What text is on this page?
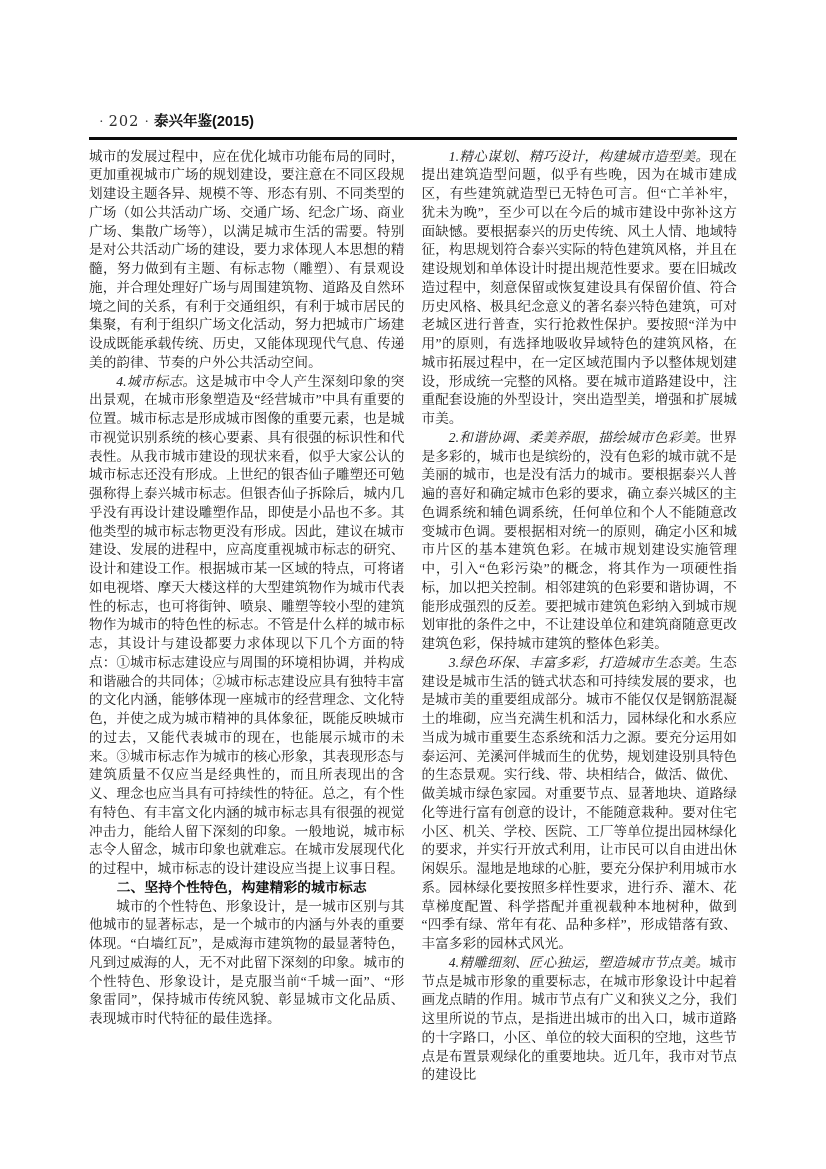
· 202 · 泰兴年鉴(2015)

城市的发展过程中，应在优化城市功能布局的同时，更加重视城市广场的规划建设，要注意在不同区段规划建设主题各异、规模不等、形态有别、不同类型的广场（如公共活动广场、交通广场、纪念广场、商业广场、集散广场等），以满足城市生活的需要。特别是对公共活动广场的建设，要力求体现人本思想的精髓，努力做到有主题、有标志物（雕塑）、有景观设施，并合理处理好广场与周围建筑物、道路及自然环境之间的关系，有利于交通组织，有利于城市居民的集聚，有利于组织广场文化活动，努力把城市广场建设成既能承载传统、历史，又能体现现代气息、传递美的韵律、节奏的户外公共活动空间。

4.城市标志。这是城市中令人产生深刻印象的突出景观，在城市形象塑造及“经营城市”中具有重要的位置。城市标志是形成城市图像的重要元素，也是城市视觉识别系统的核心要素、具有很强的标识性和代表性。从我市城市建设的现状来看，似乎大家公认的城市标志还没有形成。上世纪的银杏仙子雕塑还可勉强称得上泰兴城市标志。但银杏仙子拆除后，城内几乎没有再设计建设雕塑作品，即使是小品也不多。其他类型的城市标志物更没有形成。因此，建议在城市建设、发展的进程中，应高度重视城市标志的研究、设计和建设工作。根据城市某一区域的特点，可将诸如电视塔、摩天大楼这样的大型建筑物作为城市代表性的标志，也可将街钟、喷泉、雕塑等较小型的建筑物作为城市的特色性的标志。不管是什么样的城市标志，其设计与建设都要力求体现以下几个方面的特点：①城市标志建设应与周围的环境相协调，并构成和谐融合的共同体；②城市标志建设应具有独特丰富的文化内涵，能够体现一座城市的经营理念、文化特色，并使之成为城市精神的具体象征，既能反映城市的过去，又能代表城市的现在，也能展示城市的未来。③城市标志作为城市的核心形象，其表现形态与建筑质量不仅应当是经典性的，而且所表现出的含义、理念也应当具有可持续性的特征。总之，有个性有特色、有丰富文化内涵的城市标志具有很强的视觉冲击力，能给人留下深刻的印象。一般地说，城市标志令人留念，城市印象也就难忘。在城市发展现代化的过程中，城市标志的设计建设应当提上议事日程。

二、坚持个性特色，构建精彩的城市标志

城市的个性特色、形象设计，是一城市区别与其他城市的显著标志，是一个城市的内涵与外表的重要体现。“白墙红瓦”，是威海市建筑物的最显著特色，凡到过威海的人，无不对此留下深刻的印象。城市的个性特色、形象设计，是克服当前“千城一面”、“形象雷同”，保持城市传统风貌、彰显城市文化品质、表现城市时代特征的最佳选择。

1.精心谋划、精巧设计，构建城市造型美。现在提出建筑造型问题，似乎有些晚，因为在城市建成区，有些建筑就造型已无特色可言。但“亡羊补牢，犹未为晚”，至少可以在今后的城市建设中弥补这方面缺憾。要根据泰兴的历史传统、风土人情、地域特征，构思规划符合泰兴实际的特色建筑风格，并且在建设规划和单体设计时提出规范性要求。要在旧城改造过程中，刻意保留或恢复建设具有保留价值、符合历史风格、极具纪念意义的著名泰兴特色建筑，可对老城区进行普查，实行抢救性保护。要按照“洋为中用”的原则，有选择地吸收异域特色的建筑风格，在城市拓展过程中，在一定区域范围内予以整体规划建设，形成统一完整的风格。要在城市道路建设中，注重配套设施的外型设计，突出造型美，增强和扩展城市美。

2.和谐协调、柔美养眼，描绘城市色彩美。世界是多彩的，城市也是缤纷的，没有色彩的城市就不是美丽的城市，也是没有活力的城市。要根据泰兴人普遍的喜好和确定城市色彩的要求，确立泰兴城区的主色调系统和辅色调系统，任何单位和个人不能随意改变城市色调。要根据相对统一的原则，确定小区和城市片区的基本建筑色彩。在城市规划建设实施管理中，引入“色彩污染”的概念，将其作为一项硬性指标，加以把关控制。相邻建筑的色彩要和谐协调，不能形成强烈的反差。要把城市建筑色彩纳入到城市规划审批的条件之中，不让建设单位和建筑商随意更改建筑色彩，保持城市建筑的整体色彩美。

3.绿色环保、丰富多彩，打造城市生态美。生态建设是城市生活的链式状态和可持续发展的要求，也是城市美的重要组成部分。城市不能仅仅是钢筋混凝土的堆砌，应当充满生机和活力，园林绿化和水系应当成为城市重要生态系统和活力之源。要充分运用如泰运河、羌溪河伴城而生的优势，规划建设别具特色的生态景观。实行线、带、块相结合，做活、做优、做美城市绿色家园。对重要节点、显著地块、道路绿化等进行富有创意的设计，不能随意栽种。要对住宅小区、机关、学校、医院、工厂等单位提出园林绿化的要求，并实行开放式利用，让市民可以自由进出休闲娱乐。湿地是地球的心脏，要充分保护利用城市水系。园林绿化要按照多样性要求，进行乔、灌木、花草梯度配置、科学搭配并重视载种本地树种，做到“四季有绿、常年有花、品种多样”，形成错落有致、丰富多彩的园林式风光。

4.精雕细刻、匠心独运，塑造城市节点美。城市节点是城市形象的重要标志，在城市形象设计中起着画龙点睛的作用。城市节点有广义和狭义之分，我们这里所说的节点，是指进出城市的出入口，城市道路的十字路口，小区、单位的较大面积的空地，这些节点是布置景观绿化的重要地块。近几年，我市对节点的建设比
